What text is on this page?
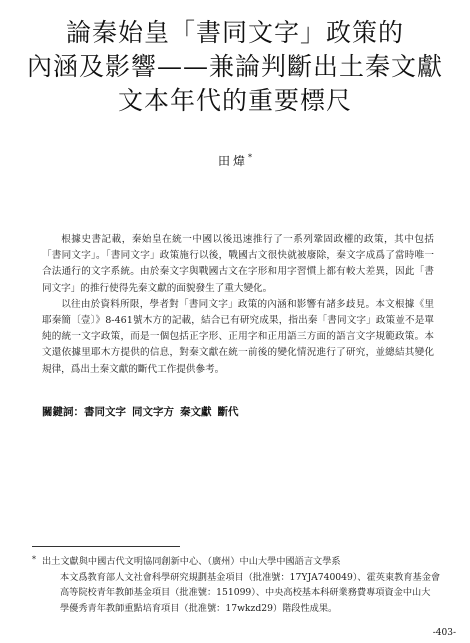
論秦始皇「書同文字」政策的
內涵及影響——兼論判斷出土秦文獻
文本年代的重要標尺
田煒*

根據史書記載，秦始皇在統一中國以後迅速推行了一系列鞏固政權的政策，其中包括「書同文字」。「書同文字」政策施行以後，戰國古文很快就被廢除，秦文字成爲了當時唯一合法通行的文字系統。由於秦文字與戰國古文在字形和用字習慣上都有較大差異，因此「書同文字」的推行使得先秦文獻的面貌發生了重大變化。

以往由於資料所限，學者對「書同文字」政策的內涵和影響有諸多歧見。本文根據《里耶秦簡〔壹〕》8-461號木方的記載，結合已有研究成果，指出秦「書同文字」政策並不是單純的統一文字政策，而是一個包括正字形、正用字和正用語三方面的語言文字規範政策。本文還依據里耶木方提供的信息，對秦文獻在統一前後的變化情況進行了研究，並總結其變化規律，爲出土秦文獻的斷代工作提供參考。

關鍵詞：書同文字 同文字方 秦文獻 斷代
* 出土文獻與中國古代文明協同創新中心、（廣州）中山大學中國語言文學系
本文爲教育部人文社會科學研究規劃基金項目（批准號：17YJA740049）、霍英東教育基金會
高等院校青年教師基金項目（批准號：151099）、中央高校基本科研業務費專項資金中山大
學優秀青年教師重點培育項目（批准號：17wkzd29）階段性成果。
-403-
